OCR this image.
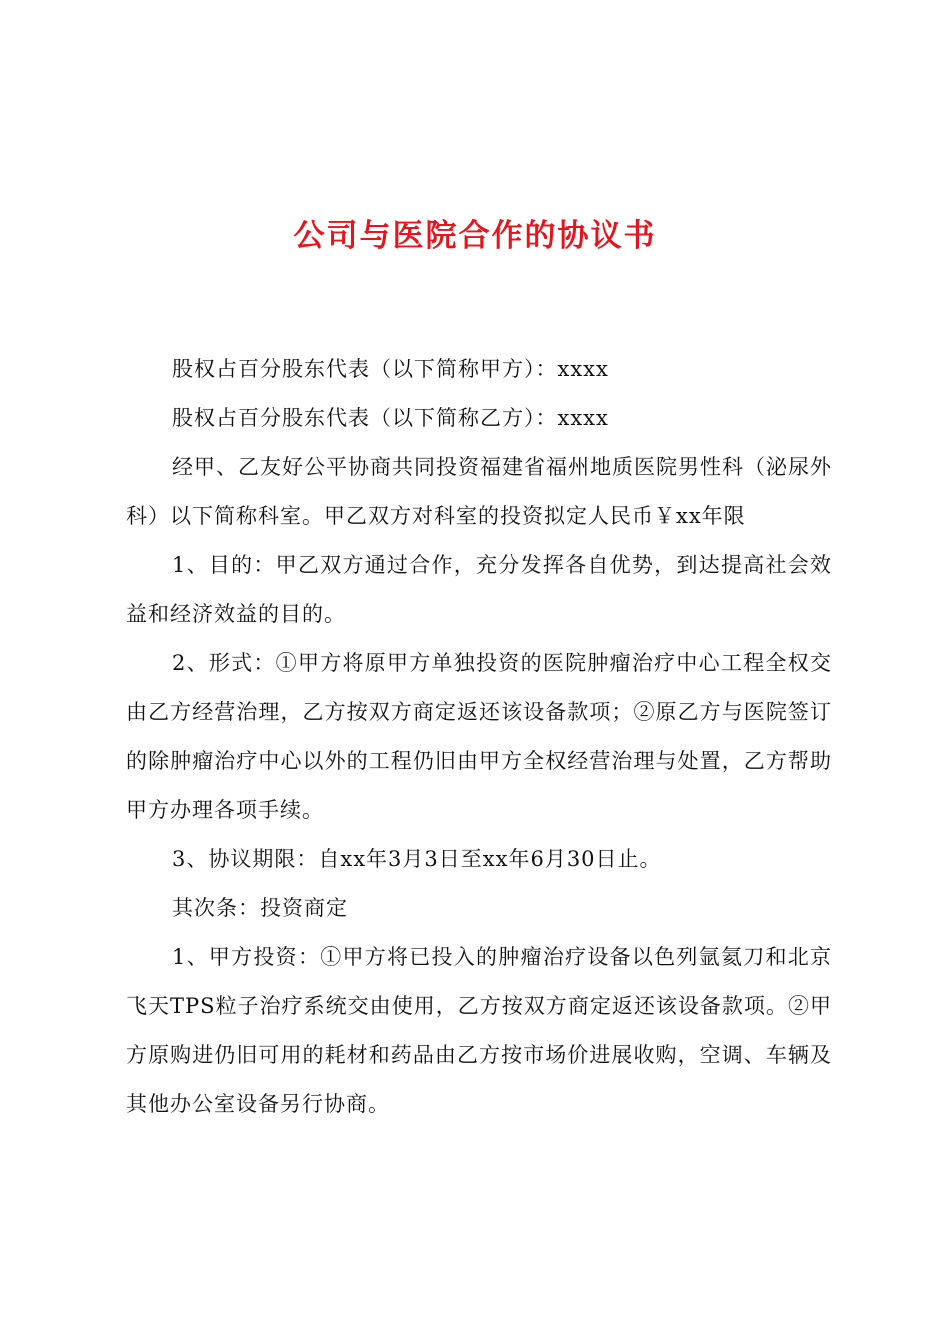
公司与医院合作的协议书

股权占百分股东代表（以下简称甲方）：xxxx

股权占百分股东代表（以下简称乙方）：xxxx

经甲、乙友好公平协商共同投资福建省福州地质医院男性科（泌尿外科）以下简称科室。甲乙双方对科室的投资拟定人民币￥xx年限

1、目的：甲乙双方通过合作，充分发挥各自优势，到达提高社会效益和经济效益的目的。

2、形式：①甲方将原甲方单独投资的医院肿瘤治疗中心工程全权交由乙方经营治理，乙方按双方商定返还该设备款项；②原乙方与医院签订的除肿瘤治疗中心以外的工程仍旧由甲方全权经营治理与处置，乙方帮助甲方办理各项手续。

3、协议期限：自xx年3月3日至xx年6月30日止。

其次条：投资商定

1、甲方投资：①甲方将已投入的肿瘤治疗设备以色列氩氦刀和北京飞天TPS粒子治疗系统交由使用，乙方按双方商定返还该设备款项。②甲方原购进仍旧可用的耗材和药品由乙方按市场价进展收购，空调、车辆及其他办公室设备另行协商。
